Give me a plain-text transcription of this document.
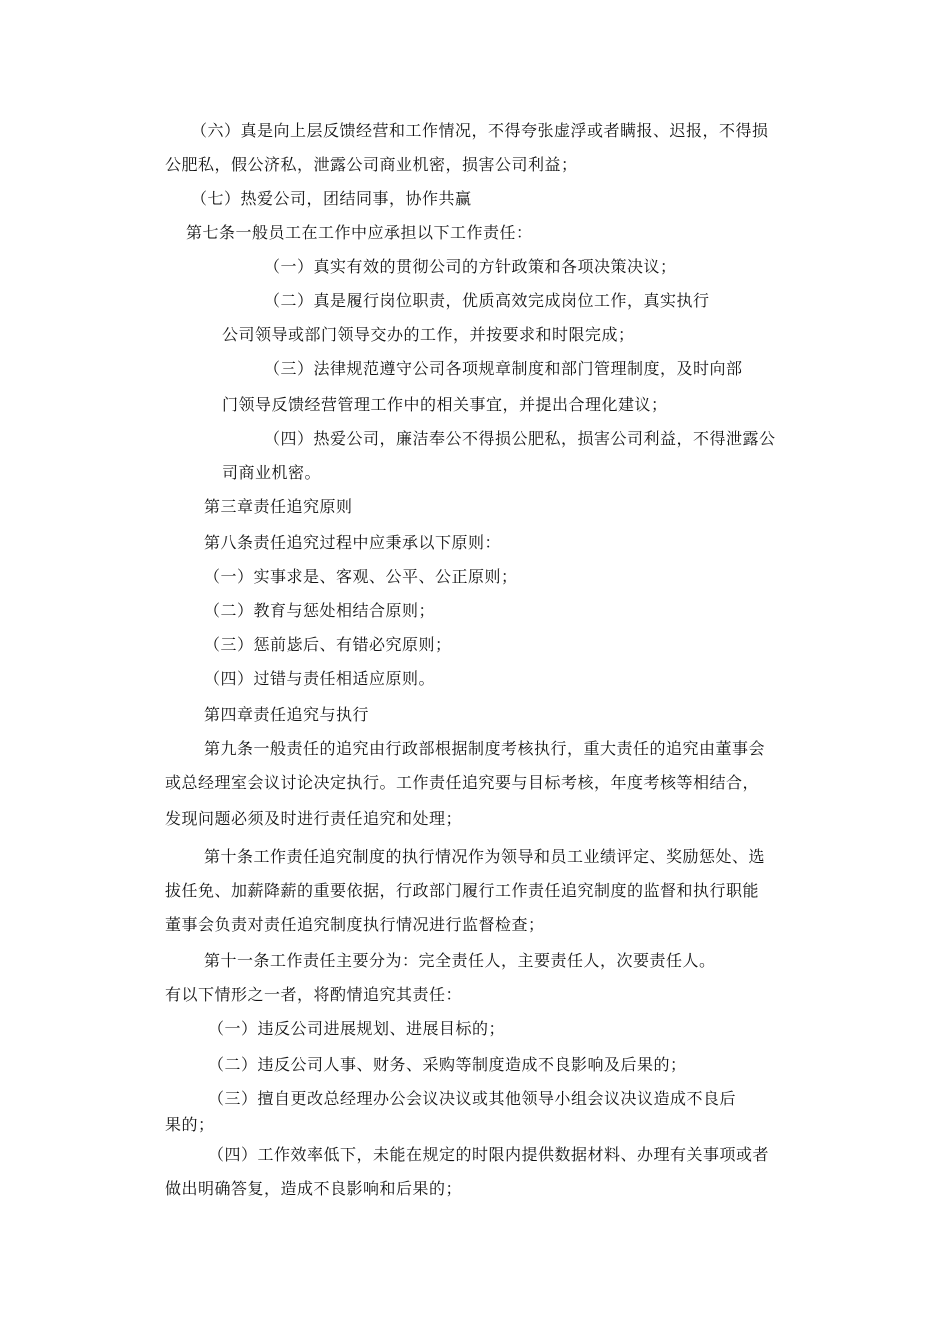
（六）真是向上层反馈经营和工作情况，不得夸张虚浮或者瞒报、迟报，不得损

公肥私，假公济私，泄露公司商业机密，损害公司利益；

（七）热爱公司，团结同事，协作共赢

第七条一般员工在工作中应承担以下工作责任：

（一）真实有效的贯彻公司的方针政策和各项决策决议；

（二）真是履行岗位职责，优质高效完成岗位工作，真实执行

公司领导或部门领导交办的工作，并按要求和时限完成；

（三）法律规范遵守公司各项规章制度和部门管理制度，及时向部

门领导反馈经营管理工作中的相关事宜，并提出合理化建议；

（四）热爱公司，廉洁奉公不得损公肥私，损害公司利益，不得泄露公

司商业机密。

第三章责任追究原则

第八条责任追究过程中应秉承以下原则：

（一）实事求是、客观、公平、公正原则；

（二）教育与惩处相结合原则；

（三）惩前毖后、有错必究原则；

（四）过错与责任相适应原则。

第四章责任追究与执行

第九条一般责任的追究由行政部根据制度考核执行，重大责任的追究由董事会

或总经理室会议讨论决定执行。工作责任追究要与目标考核，年度考核等相结合，

发现问题必须及时进行责任追究和处理；

第十条工作责任追究制度的执行情况作为领导和员工业绩评定、奖励惩处、选

拔任免、加薪降薪的重要依据，行政部门履行工作责任追究制度的监督和执行职能

董事会负责对责任追究制度执行情况进行监督检查；

第十一条工作责任主要分为：完全责任人，主要责任人，次要责任人。

有以下情形之一者，将酌情追究其责任：

（一）违反公司进展规划、进展目标的；

（二）违反公司人事、财务、采购等制度造成不良影响及后果的；

（三）擅自更改总经理办公会议决议或其他领导小组会议决议造成不良后

果的；

（四）工作效率低下，未能在规定的时限内提供数据材料、办理有关事项或者

做出明确答复，造成不良影响和后果的；
